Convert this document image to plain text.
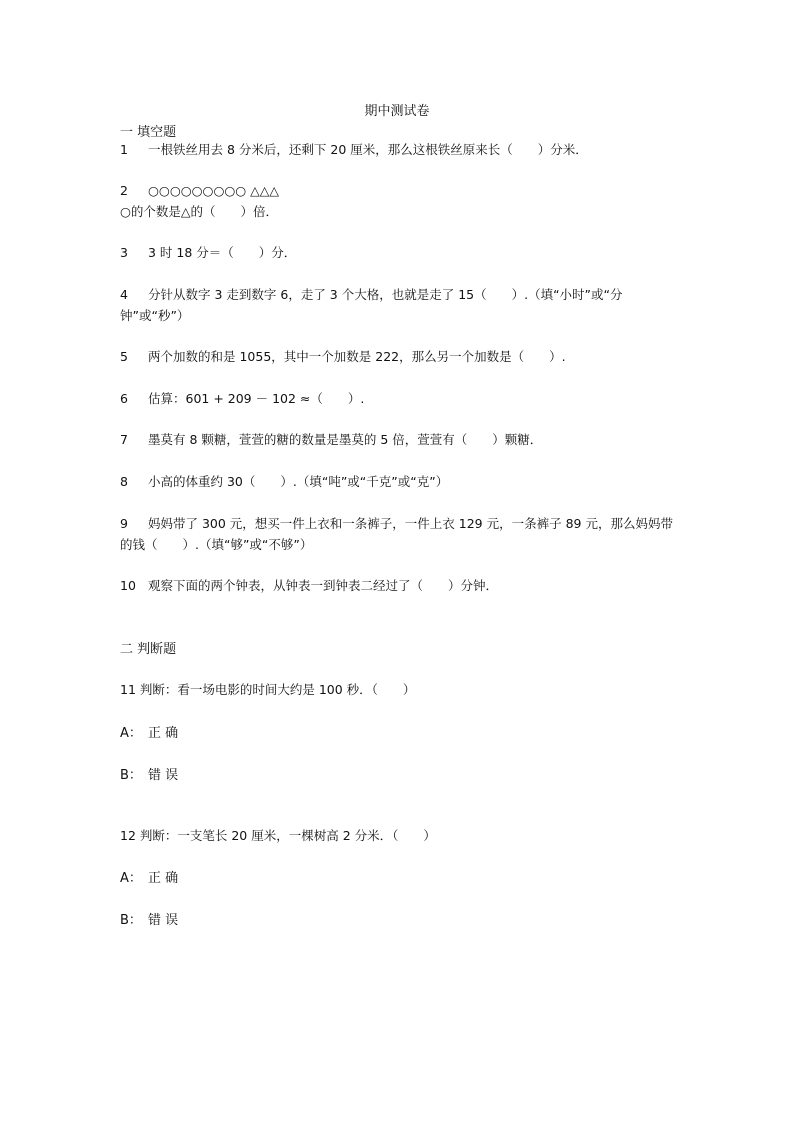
期中测试卷
一 填空题
1 一根铁丝用去 8 分米后，还剩下 20 厘米，那么这根铁丝原来长（　　）分米．
2 ○○○○○○○○○ △△△
○的个数是△的（　　）倍．
3 3 时 18 分＝（　　）分．
4 分针从数字 3 走到数字 6，走了 3 个大格，也就是走了 15（　　）.（填“小时”或“分钟”或“秒”）
5 两个加数的和是 1055，其中一个加数是 222，那么另一个加数是（　　）.
6 估算：601 + 209 － 102 ≈（　　）.
7 墨莫有 8 颗糖，萱萱的糖的数量是墨莫的 5 倍，萱萱有（　　）颗糖．
8 小高的体重约 30（　　）.（填“吨”或“千克”或“克”）
9 妈妈带了 300 元，想买一件上衣和一条裤子，一件上衣 129 元，一条裤子 89 元，那么妈妈带的钱（　　）.（填“够”或“不够”）
10 观察下面的两个钟表，从钟表一到钟表二经过了（　　）分钟．
二 判断题
11 判断：看一场电影的时间大约是 100 秒．（　　）
A： 正 确
B： 错 误
12 判断：一支笔长 20 厘米，一棵树高 2 分米．（　　）
A： 正 确
B： 错 误
